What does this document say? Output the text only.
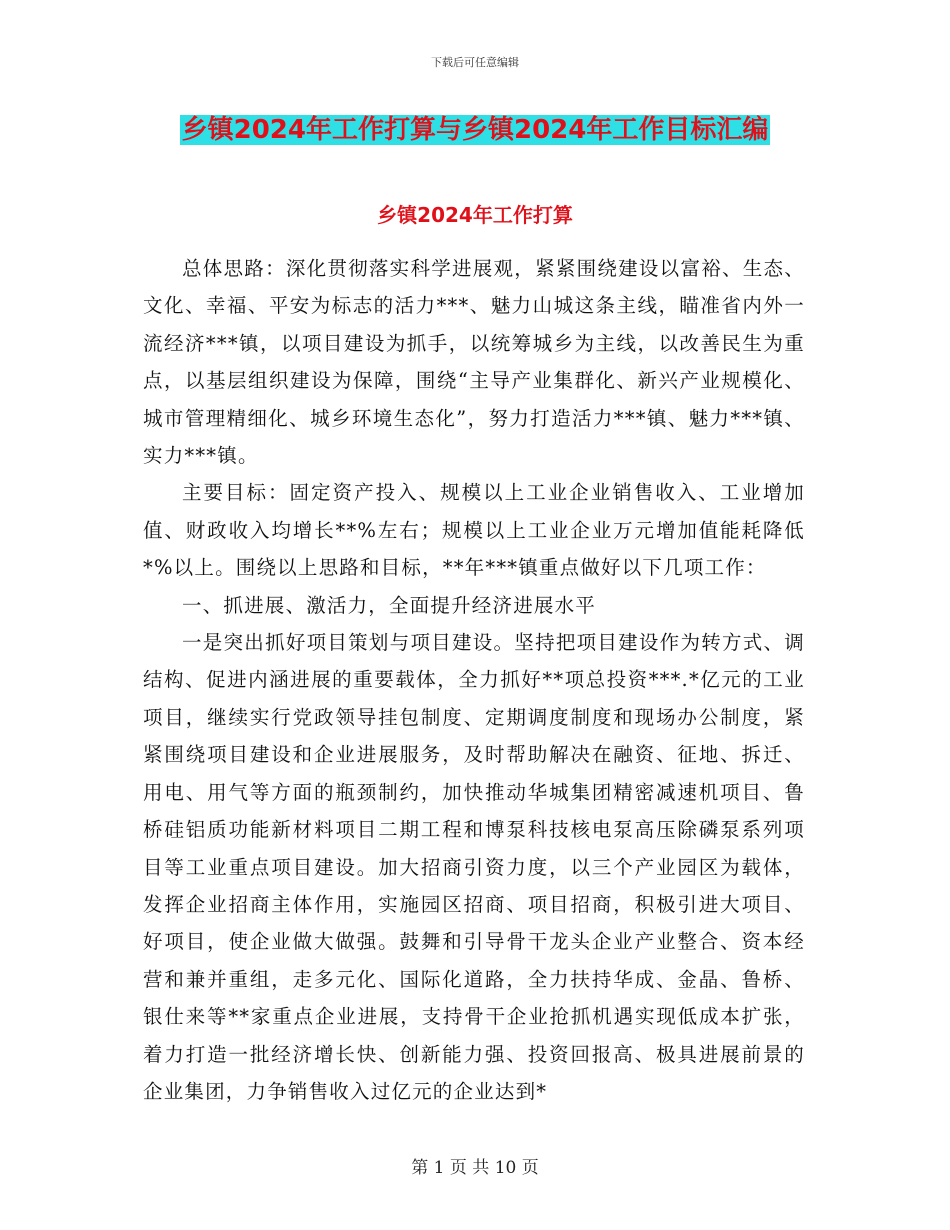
下载后可任意编辑
乡镇2024年工作打算与乡镇2024年工作目标汇编
乡镇2024年工作打算

总体思路：深化贯彻落实科学进展观，紧紧围绕建设以富裕、生态、文化、幸福、平安为标志的活力***、魅力山城这条主线，瞄准省内外一流经济***镇，以项目建设为抓手，以统筹城乡为主线，以改善民生为重点，以基层组织建设为保障，围绕“主导产业集群化、新兴产业规模化、城市管理精细化、城乡环境生态化”，努力打造活力***镇、魅力***镇、实力***镇。

主要目标：固定资产投入、规模以上工业企业销售收入、工业增加值、财政收入均增长**%左右；规模以上工业企业万元增加值能耗降低*%以上。围绕以上思路和目标，**年***镇重点做好以下几项工作：

一、抓进展、激活力，全面提升经济进展水平

一是突出抓好项目策划与项目建设。坚持把项目建设作为转方式、调结构、促进内涵进展的重要载体，全力抓好**项总投资***.*亿元的工业项目，继续实行党政领导挂包制度、定期调度制度和现场办公制度，紧紧围绕项目建设和企业进展服务，及时帮助解决在融资、征地、拆迁、用电、用气等方面的瓶颈制约，加快推动华城集团精密减速机项目、鲁桥硅铝质功能新材料项目二期工程和博泵科技核电泵高压除磷泵系列项目等工业重点项目建设。加大招商引资力度，以三个产业园区为载体，发挥企业招商主体作用，实施园区招商、项目招商，积极引进大项目、好项目，使企业做大做强。鼓舞和引导骨干龙头企业产业整合、资本经营和兼并重组，走多元化、国际化道路，全力扶持华成、金晶、鲁桥、银仕来等**家重点企业进展，支持骨干企业抢抓机遇实现低成本扩张，着力打造一批经济增长快、创新能力强、投资回报高、极具进展前景的企业集团，力争销售收入过亿元的企业达到*

第 1 页 共 10 页
